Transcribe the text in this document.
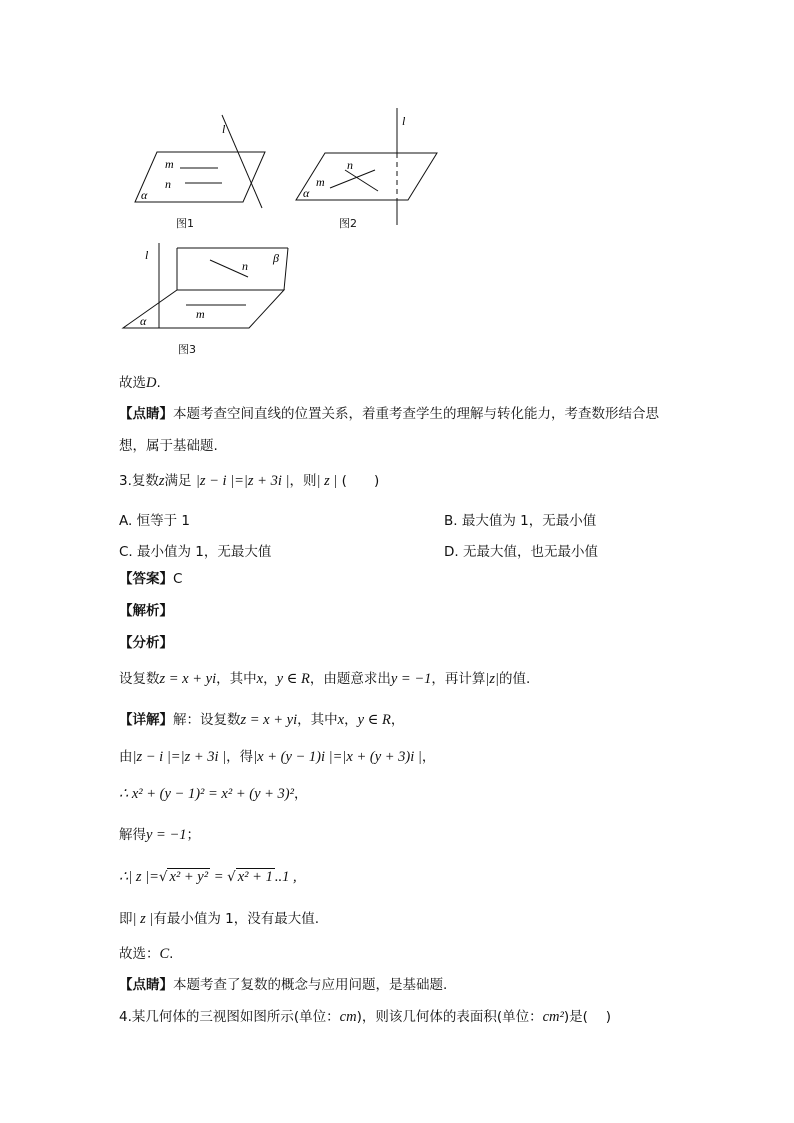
l
m
n
α
图1
l
n
m
α
图2
l
n
β
m
α
图3
故选D.
【点睛】本题考查空间直线的位置关系，着重考查学生的理解与转化能力，考查数形结合思
想，属于基础题.
3.复数z满足 |z − i |=|z + 3i |，则| z | (　　)
A. 恒等于 1	B. 最大值为 1，无最小值
C. 最小值为 1，无最大值	D. 无最大值，也无最小值
【答案】C
【解析】
【分析】
设复数z = x + yi，其中x，y ∈ R，由题意求出y = −1，再计算|z|的值.
【详解】解：设复数z = x + yi，其中x，y ∈ R，
由|z − i |=|z + 3i |，得|x + (y − 1)i |=|x + (y + 3)i |，
∴ x² + (y − 1)² = x² + (y + 3)²，
解得y = −1；
∴| z |=√ x² + y² = √ x² + 1 ..1 ,
即| z |有最小值为 1，没有最大值.
故选：C.
【点睛】本题考查了复数的概念与应用问题，是基础题.
4.某几何体的三视图如图所示(单位：cm)，则该几何体的表面积(单位：cm²)是(　 )
